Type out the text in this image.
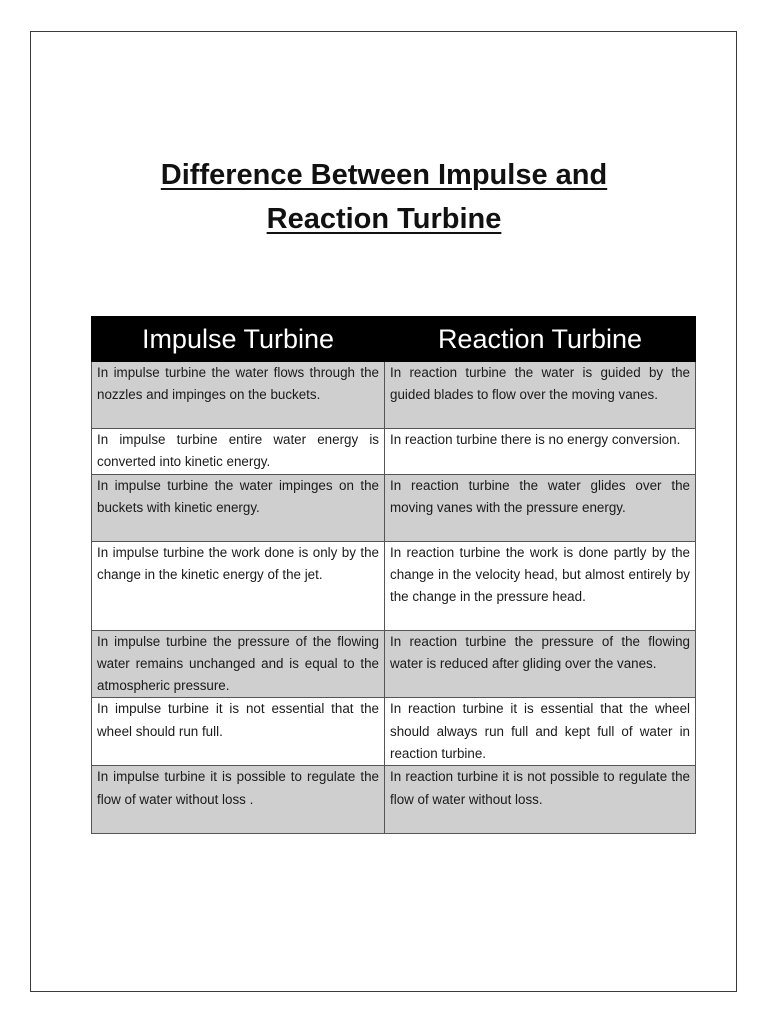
Difference Between Impulse and
Reaction Turbine
Impulse Turbine	Reaction Turbine
In impulse turbine the water flows through the nozzles and impinges on the buckets.	In reaction turbine the water is guided by the guided blades to flow over the moving vanes.
In impulse turbine entire water energy is converted into kinetic energy.	In reaction turbine there is no energy conversion.
In impulse turbine the water impinges on the buckets with kinetic energy.	In reaction turbine the water glides over the moving vanes with the pressure energy.
In impulse turbine the work done is only by the change in the kinetic energy of the jet.	In reaction turbine the work is done partly by the change in the velocity head, but almost entirely by the change in the pressure head.
In impulse turbine the pressure of the flowing water remains unchanged and is equal to the atmospheric pressure.	In reaction turbine the pressure of the flowing water is reduced after gliding over the vanes.
In impulse turbine it is not essential that the wheel should run full.	In reaction turbine it is essential that the wheel should always run full and kept full of water in reaction turbine.
In impulse turbine it is possible to regulate the flow of water without loss .	In reaction turbine it is not possible to regulate the flow of water without loss.
